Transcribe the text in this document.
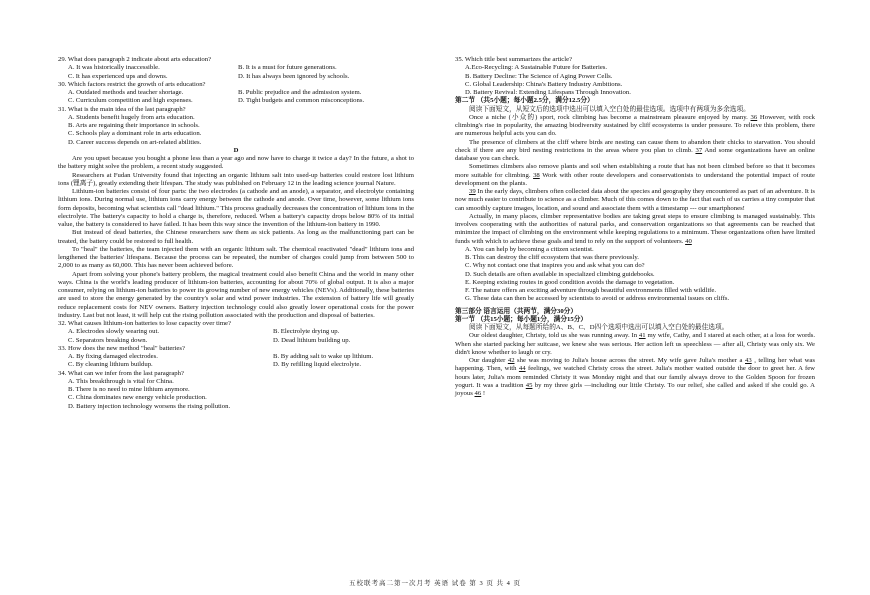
29. What does paragraph 2 indicate about arts education?

A. It was historically inaccessible.	B. It is a must for future generations.
C. It has experienced ups and downs.	D. It has always been ignored by schools.

30. Which factors restrict the growth of arts education?

A. Outdated methods and teacher shortage.	B. Public prejudice and the admission system.
C. Curriculum competition and high expenses.	D. Tight budgets and common misconceptions.

31. What is the main idea of the last paragraph?

A. Students benefit hugely from arts education.

B. Arts are regaining their importance in schools.

C. Schools play a dominant role in arts education.

D. Career success depends on art-related abilities.

D

Are you upset because you bought a phone less than a year ago and now have to charge it twice a day? In the future, a shot to the battery might solve the problem, a recent study suggested.

Researchers at Fudan University found that injecting an organic lithium salt into used-up batteries could restore lost lithium ions (锂离子), greatly extending their lifespan. The study was published on February 12 in the leading science journal Nature.

Lithium-ion batteries consist of four parts: the two electrodes (a cathode and an anode), a separator, and electrolyte containing lithium ions. During normal use, lithium ions carry energy between the cathode and anode. Over time, however, some lithium ions form deposits, becoming what scientists call "dead lithium." This process gradually decreases the concentration of lithium ions in the electrolyte. The battery's capacity to hold a charge is, therefore, reduced. When a battery's capacity drops below 80% of its initial value, the battery is considered to have failed. It has been this way since the invention of the lithium-ion battery in 1990.

But instead of dead batteries, the Chinese researchers saw them as sick patients. As long as the malfunctioning part can be treated, the battery could be restored to full health.

To "heal" the batteries, the team injected them with an organic lithium salt. The chemical reactivated "dead" lithium ions and lengthened the batteries' lifespans. Because the process can be repeated, the number of charges could jump from between 500 to 2,000 to as many as 60,000. This has never been achieved before.

Apart from solving your phone's battery problem, the magical treatment could also benefit China and the world in many other ways. China is the world's leading producer of lithium-ion batteries, accounting for about 70% of global output. It is also a major consumer, relying on lithium-ion batteries to power its growing number of new energy vehicles (NEVs). Additionally, these batteries are used to store the energy generated by the country's solar and wind power industries. The extension of battery life will greatly reduce replacement costs for NEV owners. Battery injection technology could also greatly lower operational costs for the power industry. Last but not least, it will help cut the rising pollution associated with the production and disposal of batteries.

32. What causes lithium-ion batteries to lose capacity over time?

A. Electrodes slowly wearing out.	B. Electrolyte drying up.
C. Separators breaking down.	D. Dead lithium building up.

33. How does the new method "heal" batteries?

A. By fixing damaged electrodes.	B. By adding salt to wake up lithium.
C. By cleaning lithium buildup.	D. By refilling liquid electrolyte.

34. What can we infer from the last paragraph?

A. This breakthrough is vital for China.

B. There is no need to mine lithium anymore.

C. China dominates new energy vehicle production.

D. Battery injection technology worsens the rising pollution.

35. Which title best summarizes the article?

A.Eco-Recycling: A Sustainable Future for Batteries.

B. Battery Decline: The Science of Aging Power Cells.

C. Global Leadership: China's Battery Industry Ambitions.

D. Battery Revival: Extending Lifespans Through Innovation.

第二节 （共5小题；每小题2.5分，满分12.5分）

阅读下面短文，从短文后的选项中选出可以填入空白处的最佳选项。选项中有两项为多余选项。

Once a niche (小众的) sport, rock climbing has become a mainstream pleasure enjoyed by many. 36 However, with rock climbing's rise in popularity, the amazing biodiversity sustained by cliff ecosystems is under pressure. To relieve this problem, there are numerous helpful acts you can do.

The presence of climbers at the cliff where birds are nesting can cause them to abandon their chicks to starvation. You should check if there are any bird nesting restrictions in the areas where you plan to climb. 37 And some organizations have an online database you can check.

Sometimes climbers also remove plants and soil when establishing a route that has not been climbed before so that it becomes more suitable for climbing. 38 Work with other route developers and conservationists to understand the potential impact of route development on the plants.

39 In the early days, climbers often collected data about the species and geography they encountered as part of an adventure. It is now much easier to contribute to science as a climber. Much of this comes down to the fact that each of us carries a tiny computer that can smoothly capture images, location, and sound and associate them with a timestamp --- our smartphones!

Actually, in many places, climber representative bodies are taking great steps to ensure climbing is managed sustainably. This involves cooperating with the authorities of natural parks, and conservation organizations so that agreements can be reached that minimize the impact of climbing on the environment while keeping regulations to a minimum. These organizations often have limited funds with which to achieve these goals and tend to rely on the support of volunteers. 40

A. You can help by becoming a citizen scientist.

B. This can destroy the cliff ecosystem that was there previously.

C. Why not contact one that inspires you and ask what you can do?

D. Such details are often available in specialized climbing guidebooks.

E. Keeping existing routes in good condition avoids the damage to vegetation.

F. The nature offers an exciting adventure through beautiful environments filled with wildlife.

G. These data can then be accessed by scientists to avoid or address environmental issues on cliffs.

第三部分 语言运用（共两节，满分30分）

第一节 （共15小题；每小题1分，满分15分）

阅读下面短文，从每题所给的A、B、C、D四个选项中选出可以填入空白处的最佳选项。

Our oldest daughter, Christy, told us she was running away. In 41 my wife, Cathy, and I stared at each other, at a loss for words. When she started packing her suitcase, we knew she was serious. Her action left us speechless — after all, Christy was only six. We didn't know whether to laugh or cry.

Our daughter 42 she was moving to Julia's house across the street. My wife gave Julia's mother a 43 , telling her what was happening. Then, with 44 feelings, we watched Christy cross the street. Julia's mother waited outside the door to greet her. A few hours later, Julia's mom reminded Christy it was Monday night and that our family always drove to the Golden Spoon for frozen yogurt. It was a tradition 45 by my three girls —including our little Christy. To our relief, she called and asked if she could go. A joyous 46 !

五校联考高二第一次月考 英语 试卷 第 3 页 共 4 页
